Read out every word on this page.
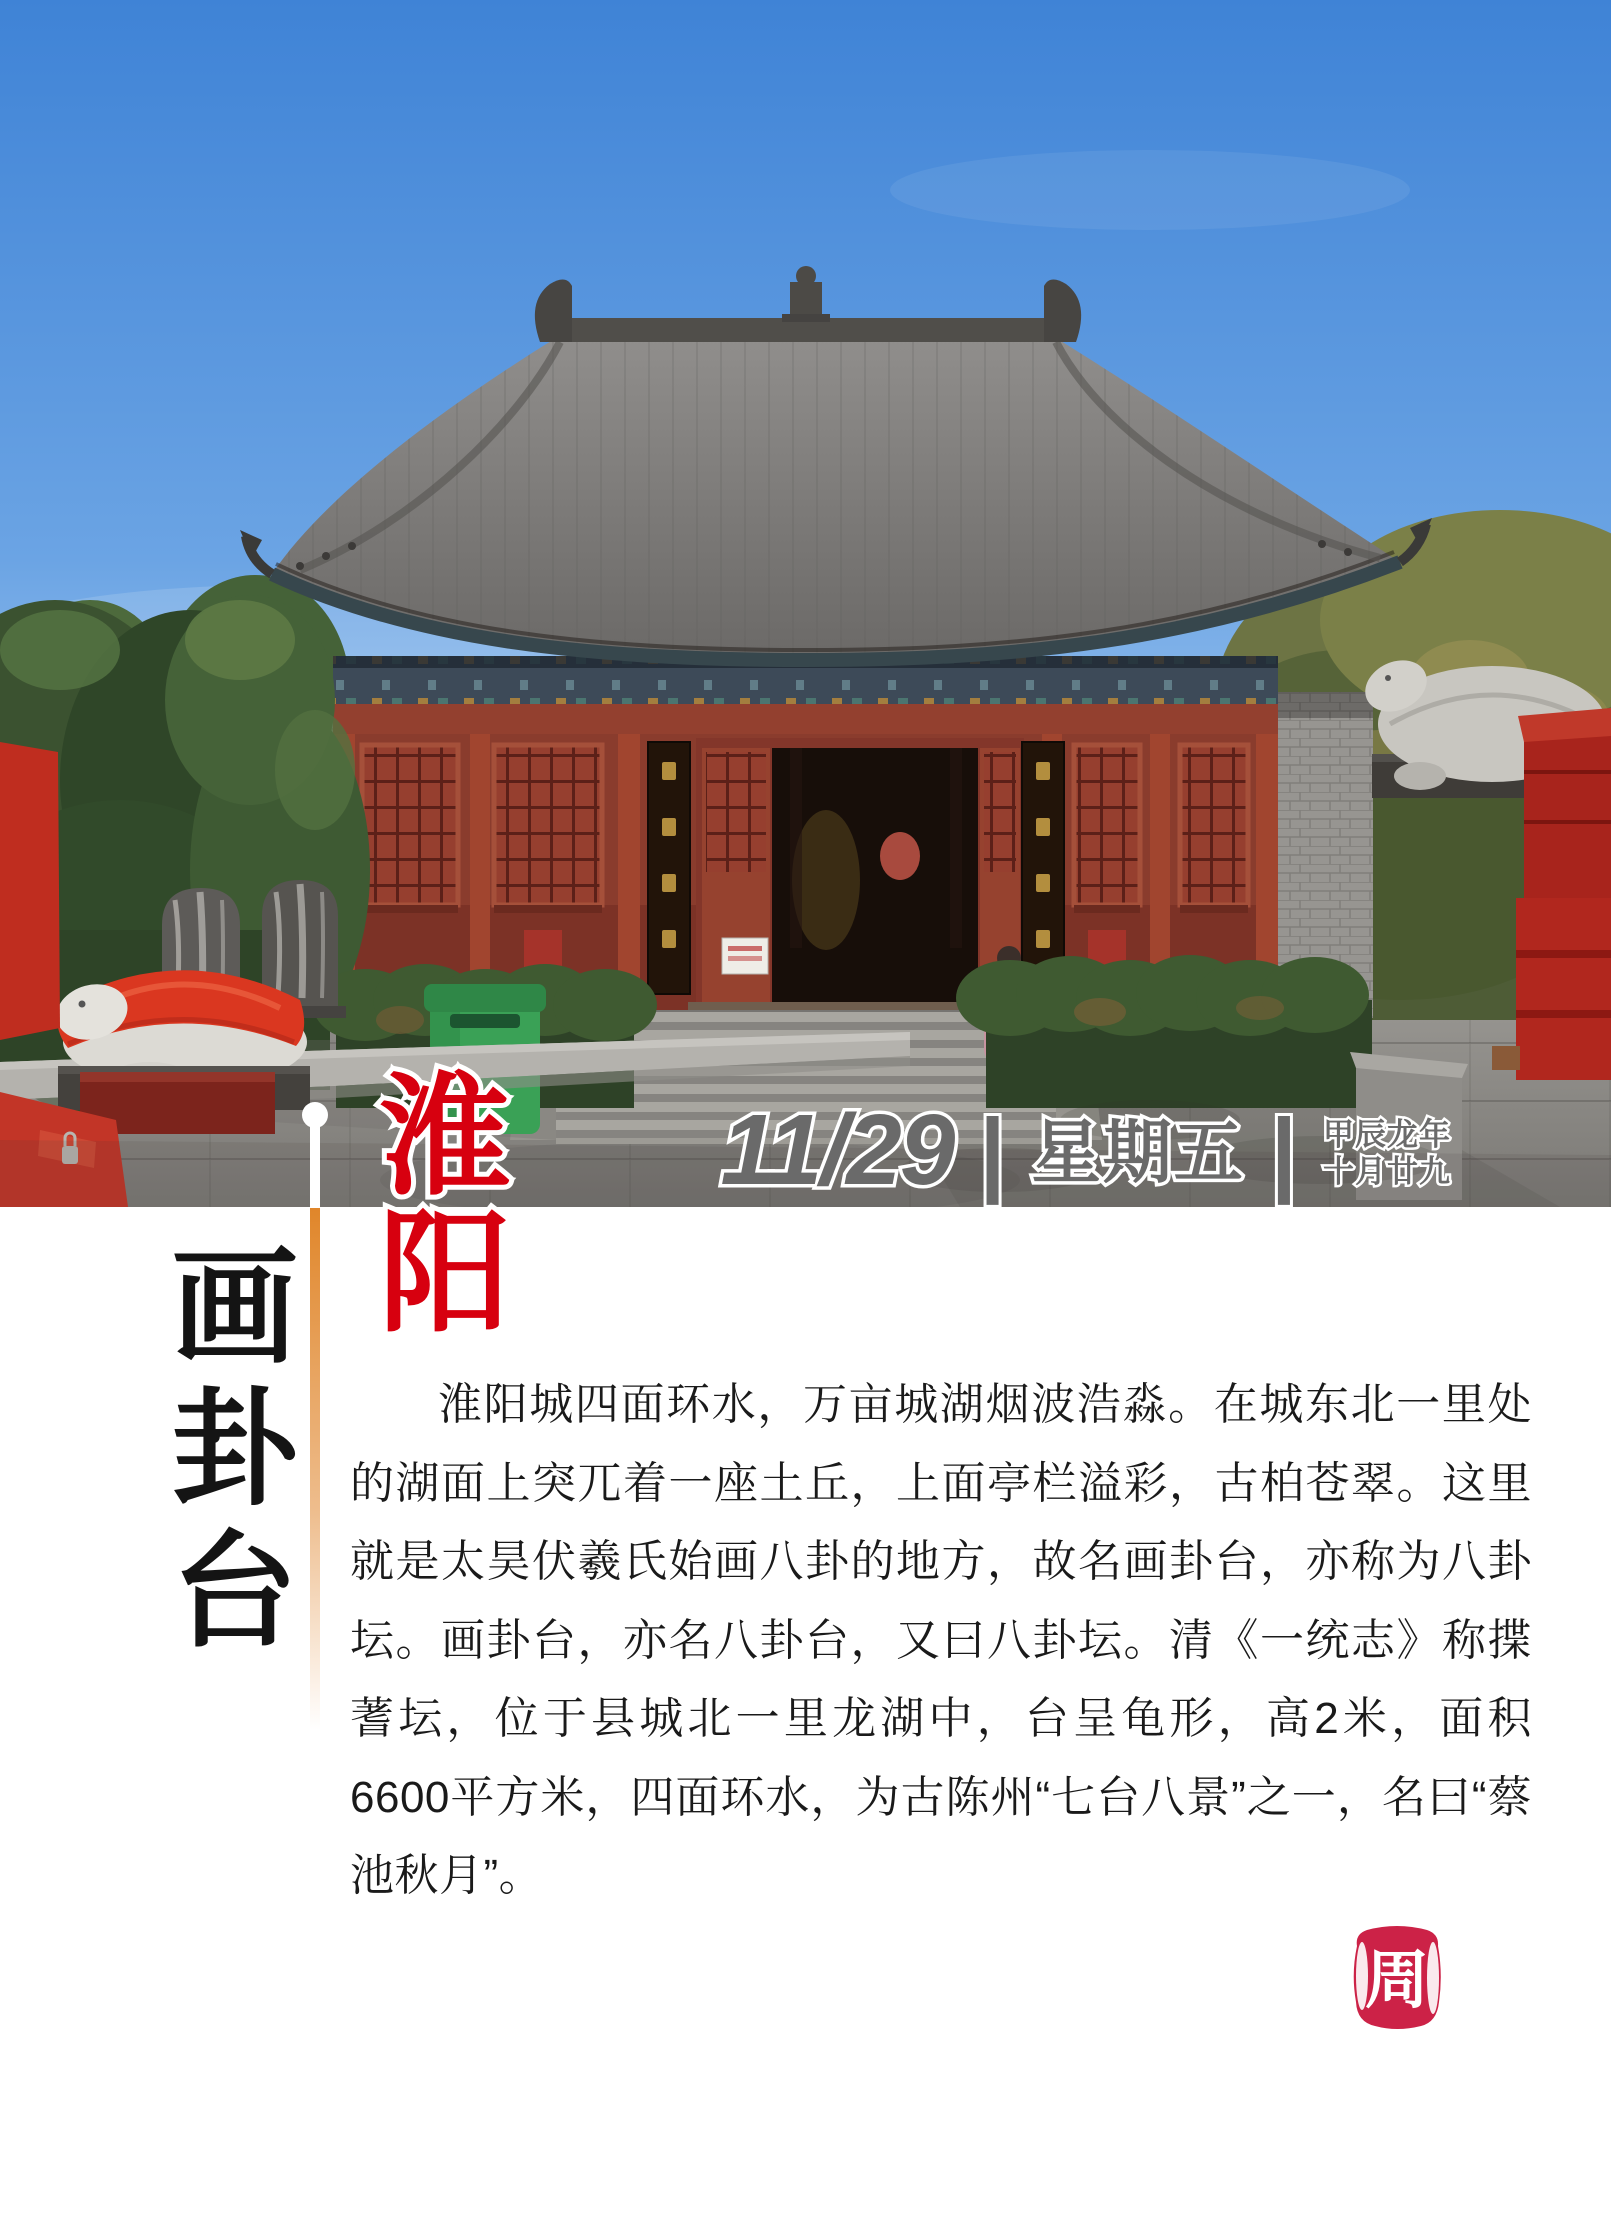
11/29 11/29 | | 星期五 星期五 | | 甲辰龙年 甲辰龙年
十月廿九 十月廿九
淮阳 淮阳
画卦台	淮阳城四面环水，万亩城湖烟波浩淼。在城东北一里处的湖面上突兀着一座土丘，上面亭栏溢彩，古柏苍翠。这里就是太昊伏羲氏始画八卦的地方，故名画卦台，亦称为八卦坛。画卦台，亦名八卦台，又曰八卦坛。清《一统志》称揲蓍坛，位于县城北一里龙湖中，台呈龟形，高2米，面积6600平方米，四面环水，为古陈州“七台八景”之一，名曰“蔡池秋月”。

周
